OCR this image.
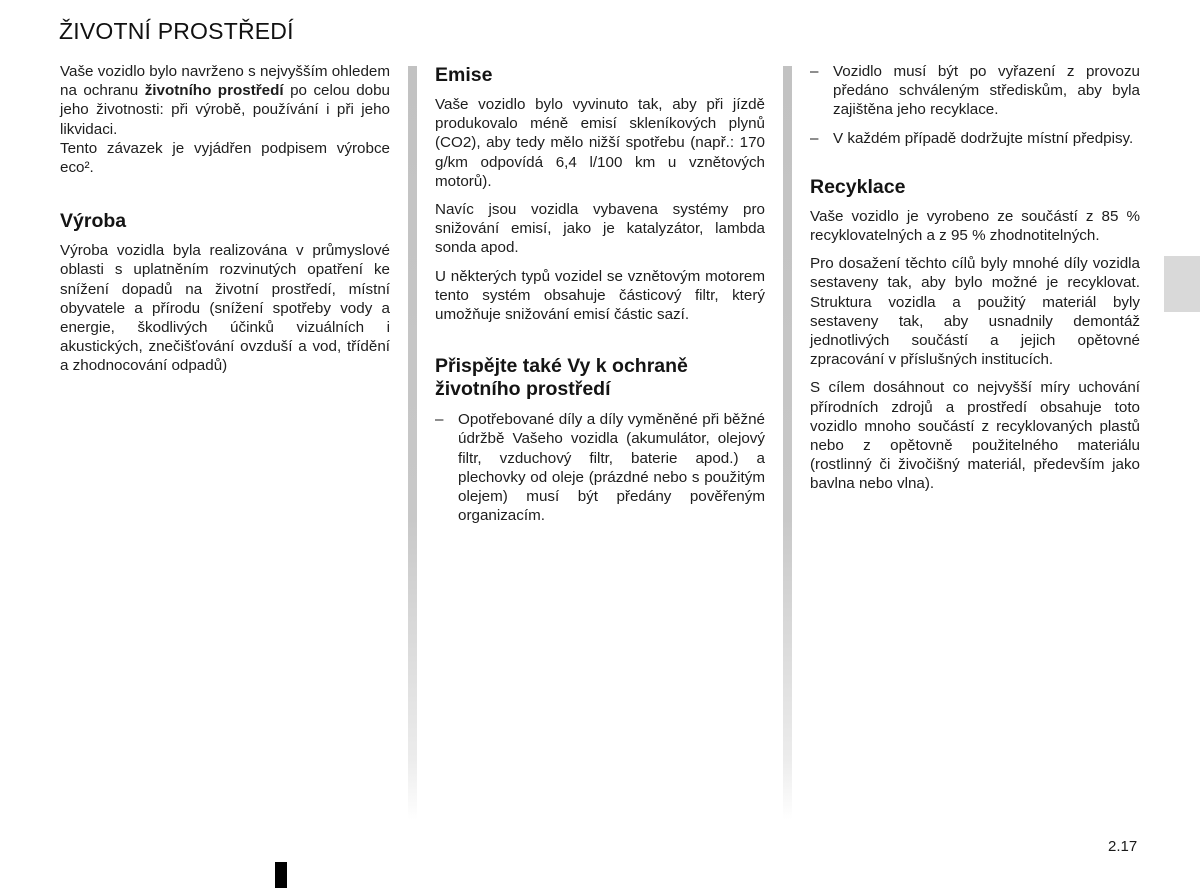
ŽIVOTNÍ PROSTŘEDÍ

Vaše vozidlo bylo navrženo s nejvyšším ohledem na ochranu životního prostředí po celou dobu jeho životnosti: při výrobě, používání i při jeho likvidaci.
Tento závazek je vyjádřen podpisem výrobce eco².

Výroba

Výroba vozidla byla realizována v průmyslové oblasti s uplatněním rozvinutých opatření ke snížení dopadů na životní prostředí, místní obyvatele a přírodu (snížení spotřeby vody a energie, škodlivých účinků vizuálních i akustických, znečišťování ovzduší a vod, třídění a zhodnocování odpadů)

Emise

Vaše vozidlo bylo vyvinuto tak, aby při jízdě produkovalo méně emisí skleníkových plynů (CO2), aby tedy mělo nižší spotřebu (např.: 170 g/km odpovídá 6,4 l/100 km u vznětových motorů).

Navíc jsou vozidla vybavena systémy pro snižování emisí, jako je katalyzátor, lambda sonda apod.

U některých typů vozidel se vznětovým motorem tento systém obsahuje částicový filtr, který umožňuje snižování emisí částic sazí.

Přispějte také Vy k ochraně životního prostředí
– Opotřebované díly a díly vyměněné při běžné údržbě Vašeho vozidla (akumulátor, olejový filtr, vzduchový filtr, baterie apod.) a plechovky od oleje (prázdné nebo s použitým olejem) musí být předány pověřeným organizacím.
– Vozidlo musí být po vyřazení z provozu předáno schváleným střediskům, aby byla zajištěna jeho recyklace.
– V každém případě dodržujte místní předpisy.
Recyklace

Vaše vozidlo je vyrobeno ze součástí z 85 % recyklovatelných a z 95 % zhodnotitelných.

Pro dosažení těchto cílů byly mnohé díly vozidla sestaveny tak, aby bylo možné je recyklovat. Struktura vozidla a použitý materiál byly sestaveny tak, aby usnadnily demontáž jednotlivých součástí a jejich opětovné zpracování v příslušných institucích.

S cílem dosáhnout co nejvyšší míry uchování přírodních zdrojů a prostředí obsahuje toto vozidlo mnoho součástí z recyklovaných plastů nebo z opětovně použitelného materiálu (rostlinný či živočišný materiál, především jako bavlna nebo vlna).

2.17
